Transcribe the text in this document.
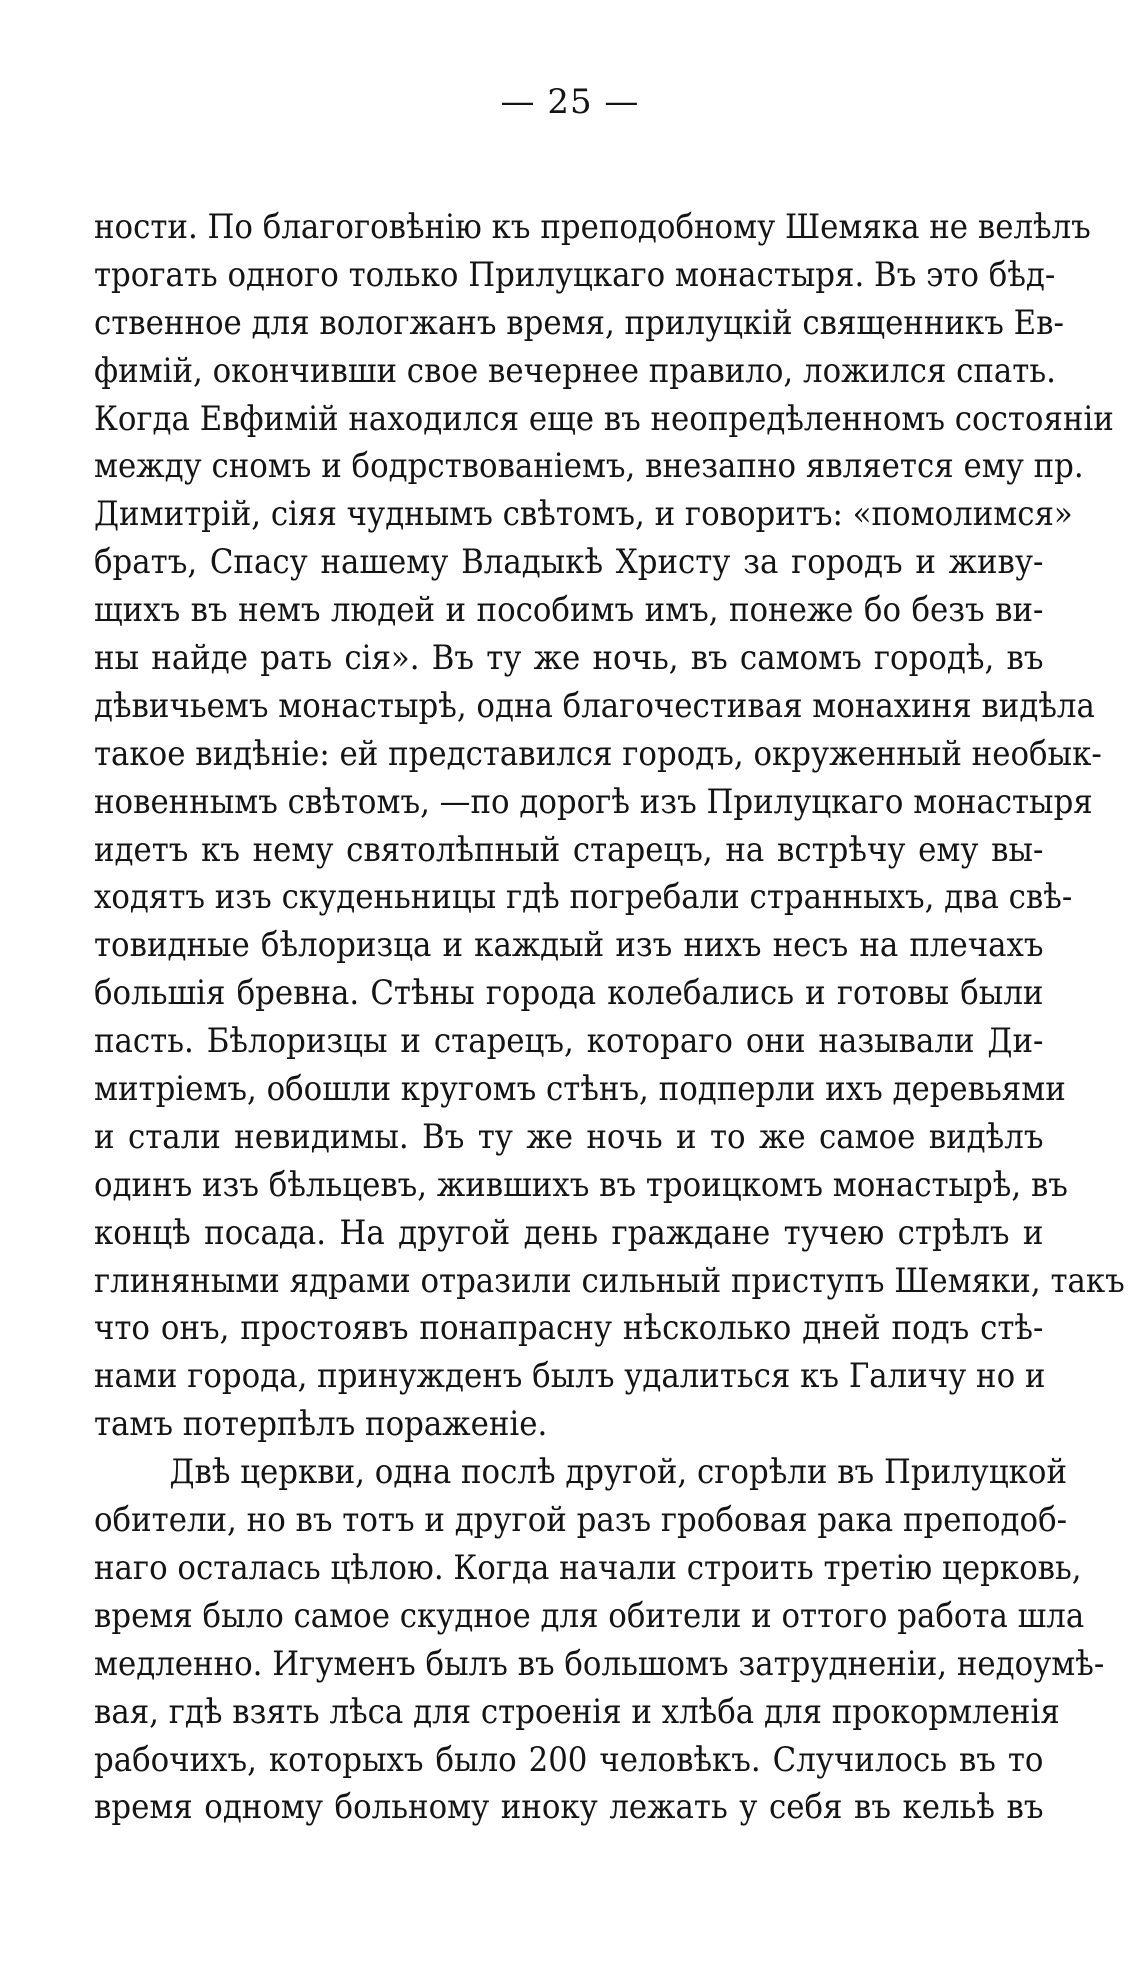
— 25 —
ности. По благоговѣнію къ преподобному Шемяка не велѣлъ
трогать одного только Прилуцкаго монастыря. Въ это бѣд-
ственное для вологжанъ время, прилуцкій священникъ Ев-
фимій, окончивши свое вечернее правило, ложился спать.
Когда Евфимій находился еще въ неопредѣленномъ состояніи
между сномъ и бодрствованіемъ, внезапно является ему пр.
Димитрій, сіяя чуднымъ свѣтомъ, и говоритъ: «помолимся»
братъ, Спасу нашему Владыкѣ Христу за городъ и живу-
щихъ въ немъ людей и пособимъ имъ, понеже бо безъ ви-
ны найде рать сія». Въ ту же ночь, въ самомъ городѣ, въ
дѣвичьемъ монастырѣ, одна благочестивая монахиня видѣла
такое видѣніе: ей представился городъ, окруженный необык-
новеннымъ свѣтомъ, —по дорогѣ изъ Прилуцкаго монастыря
идетъ къ нему святолѣпный старецъ, на встрѣчу ему вы-
ходятъ изъ скуденьницы гдѣ погребали странныхъ, два свѣ-
товидные бѣлоризца и каждый изъ нихъ несъ на плечахъ
большія бревна. Стѣны города колебались и готовы были
пасть. Бѣлоризцы и старецъ, котораго они называли Ди-
митріемъ, обошли кругомъ стѣнъ, подперли ихъ деревьями
и стали невидимы. Въ ту же ночь и то же самое видѣлъ
одинъ изъ бѣльцевъ, жившихъ въ троицкомъ монастырѣ, въ
концѣ посада. На другой день граждане тучею стрѣлъ и
глиняными ядрами отразили сильный приступъ Шемяки, такъ
что онъ, простоявъ понапрасну нѣсколько дней подъ стѣ-
нами города, принужденъ былъ удалиться къ Галичу но и
тамъ потерпѣлъ пораженіе.
Двѣ церкви, одна послѣ другой, сгорѣли въ Прилуцкой
обители, но въ тотъ и другой разъ гробовая рака преподоб-
наго осталась цѣлою. Когда начали строить третію церковь,
время было самое скудное для обители и оттого работа шла
медленно. Игуменъ былъ въ большомъ затрудненіи, недоумѣ-
вая, гдѣ взять лѣса для строенія и хлѣба для прокормленія
рабочихъ, которыхъ было 200 человѣкъ. Случилось въ то
время одному больному иноку лежать у себя въ кельѣ въ
